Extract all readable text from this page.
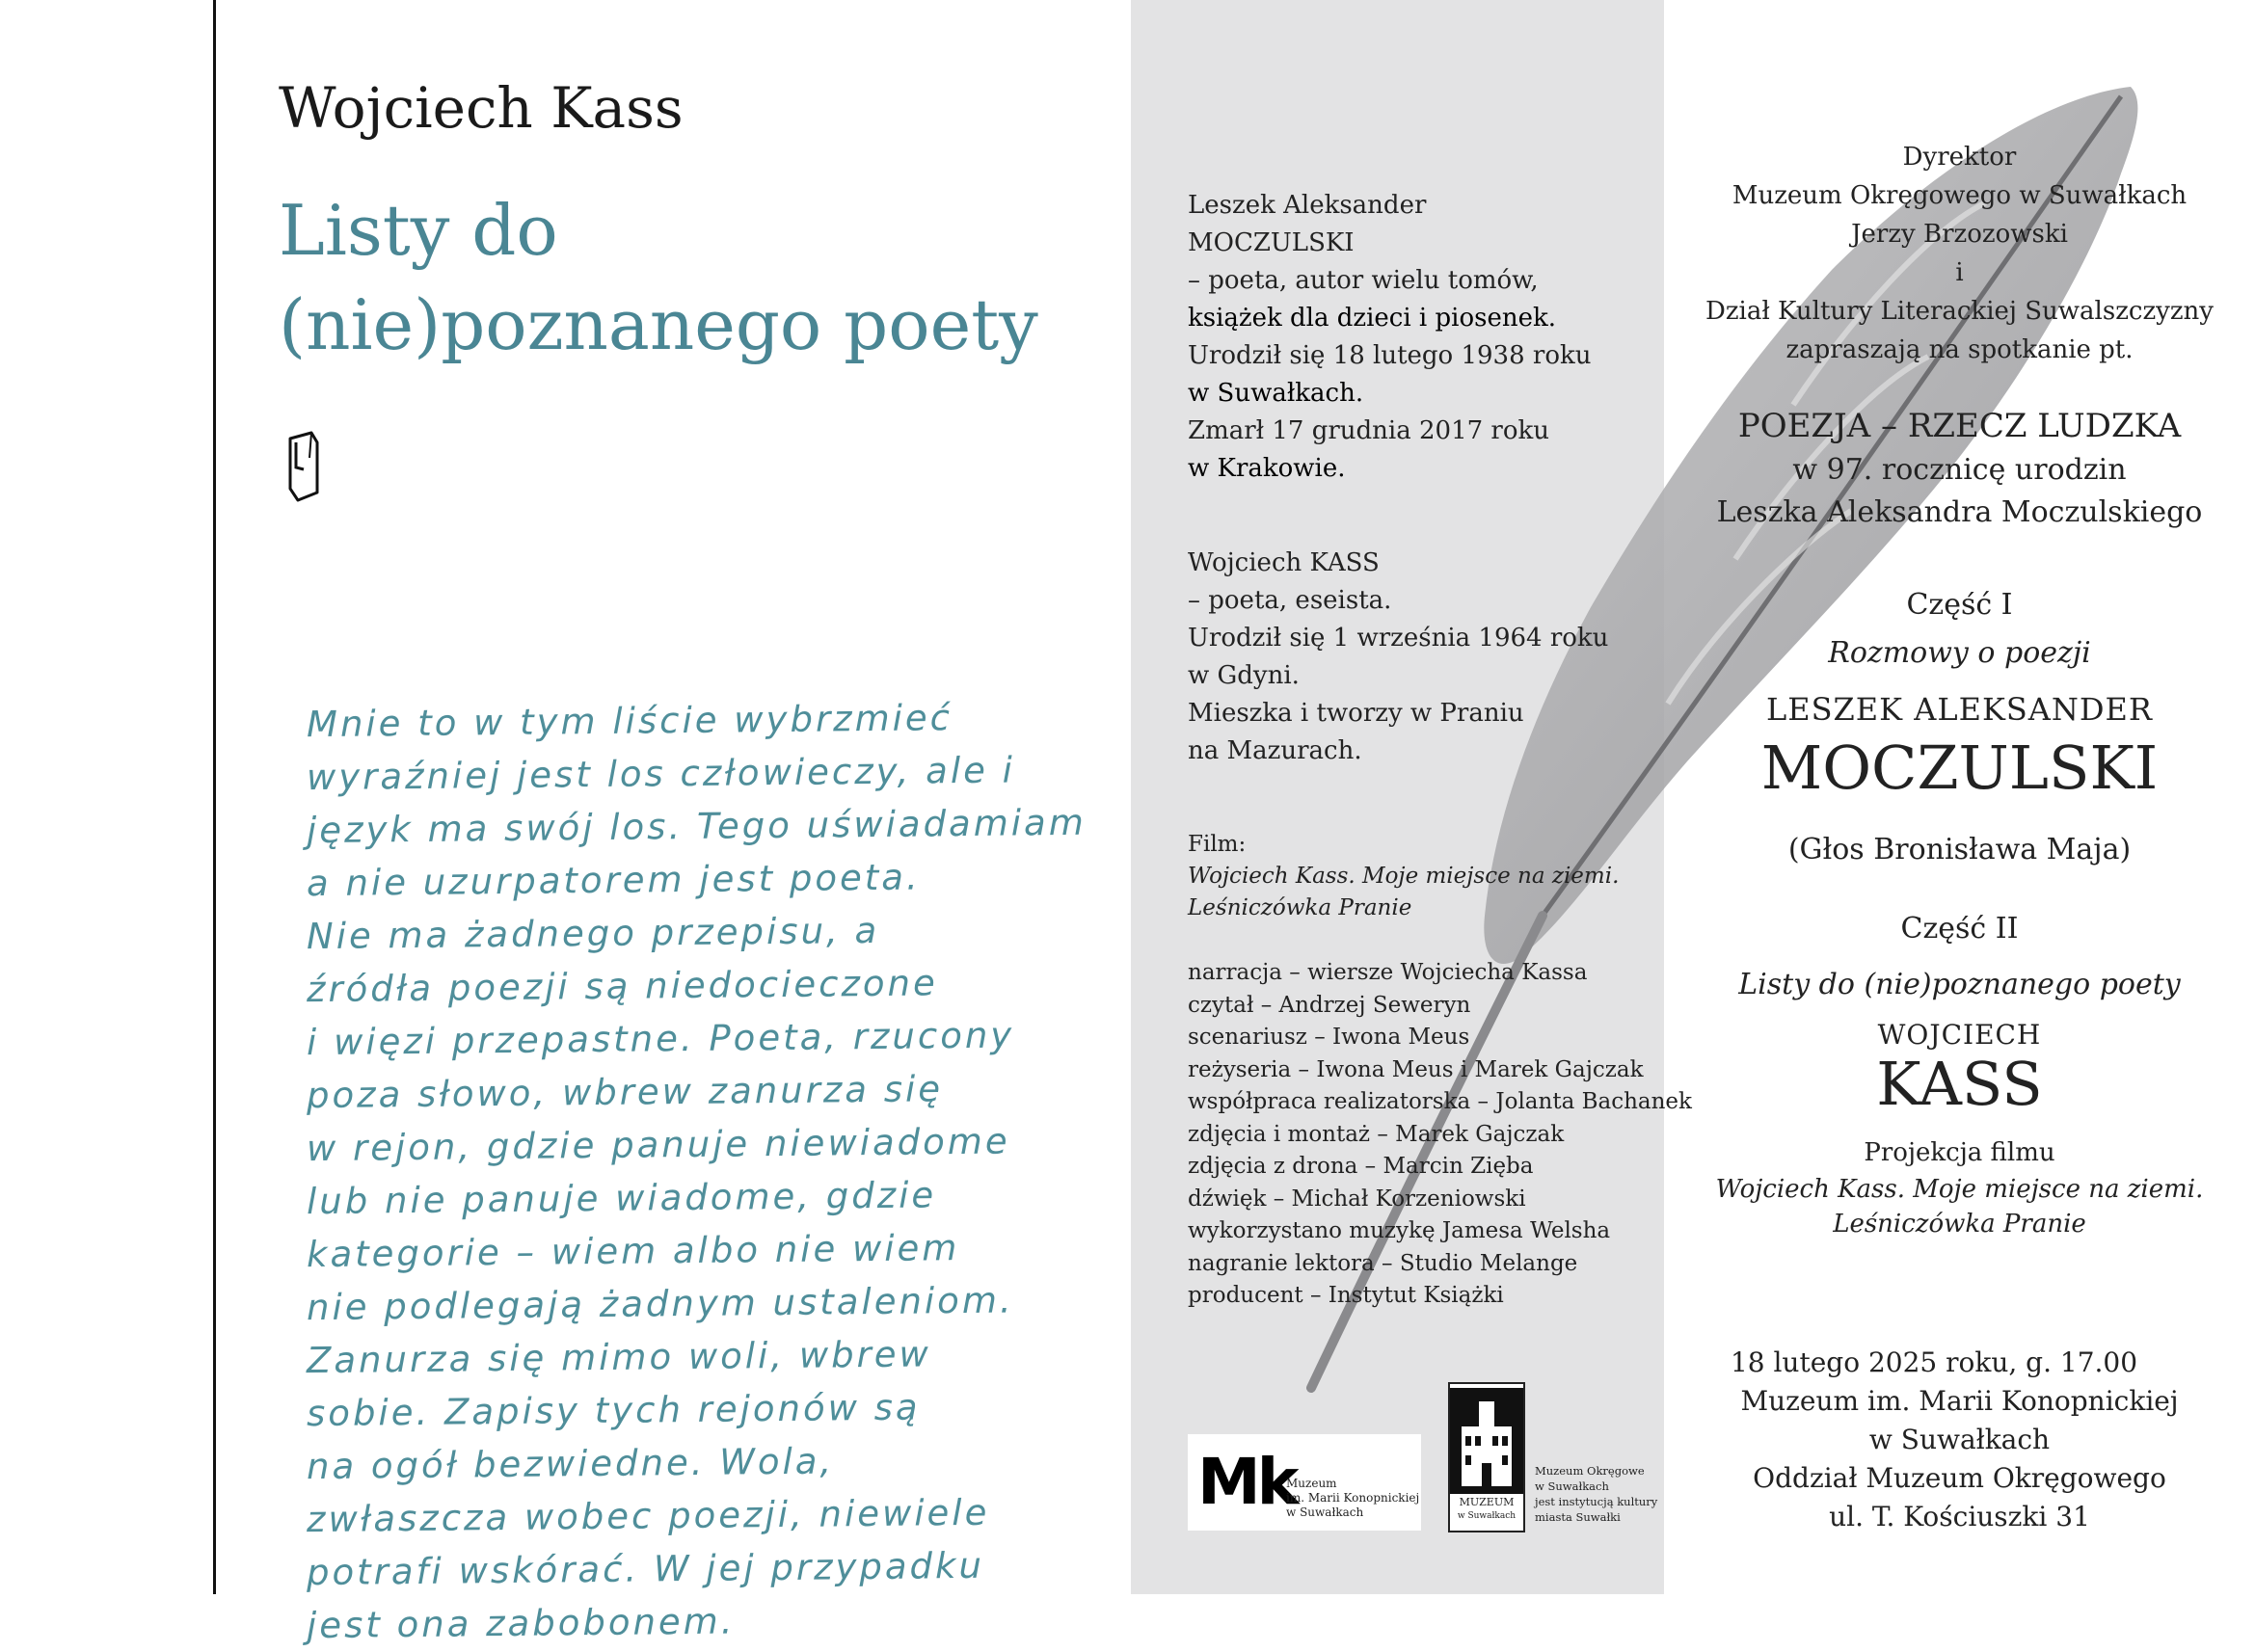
Wojciech Kass
Listy do
(nie)poznanego poety
Mnie to w tym liście wybrzmieć
wyraźniej jest los człowieczy, ale i
język ma swój los. Tego uświadamiam
a nie uzurpatorem jest poeta.
Nie ma żadnego przepisu, a
źródła poezji są niedocieczone
i więzi przepastne. Poeta, rzucony
poza słowo, wbrew zanurza się
w rejon, gdzie panuje niewiadome
lub nie panuje wiadome, gdzie
kategorie – wiem albo nie wiem
nie podlegają żadnym ustaleniom.
Zanurza się mimo woli, wbrew
sobie. Zapisy tych rejonów są
na ogół bezwiedne. Wola,
zwłaszcza wobec poezji, niewiele
potrafi wskórać. W jej przypadku
jest ona zabobonem.
Leszek Aleksander
MOCZULSKI
– poeta, autor wielu tomów,
książek dla dzieci i piosenek.
Urodził się 18 lutego 1938 roku
w Suwałkach.
Zmarł 17 grudnia 2017 roku
w Krakowie.
Wojciech KASS
– poeta, eseista.
Urodził się 1 września 1964 roku
w Gdyni.
Mieszka i tworzy w Praniu
na Mazurach.
Film:
Wojciech Kass. Moje miejsce na ziemi.
Leśniczówka Pranie
narracja – wiersze Wojciecha Kassa
czytał – Andrzej Seweryn
scenariusz – Iwona Meus
reżyseria – Iwona Meus i Marek Gajczak
współpraca realizatorska – Jolanta Bachanek
zdjęcia i montaż – Marek Gajczak
zdjęcia z drona – Marcin Zięba
dźwięk – Michał Korzeniowski
wykorzystano muzykę Jamesa Welsha
nagranie lektora – Studio Melange
producent – Instytut Książki
Mk
Muzeum
im. Marii Konopnickiej
w Suwałkach
MUZEUM
w Suwałkach
Muzeum Okręgowe
w Suwałkach
jest instytucją kultury
miasta Suwałki
Dyrektor
Muzeum Okręgowego w Suwałkach
Jerzy Brzozowski
i
Dział Kultury Literackiej Suwalszczyzny
zapraszają na spotkanie pt.
POEZJA – RZECZ LUDZKA
w 97. rocznicę urodzin
Leszka Aleksandra Moczulskiego
Część I
Rozmowy o poezji
LESZEK ALEKSANDER
MOCZULSKI
(Głos Bronisława Maja)
Część II
Listy do (nie)poznanego poety
WOJCIECH
KASS
Projekcja filmu
Wojciech Kass. Moje miejsce na ziemi.
Leśniczówka Pranie
18 lutego 2025 roku, g. 17.00
Muzeum im. Marii Konopnickiej
w Suwałkach
Oddział Muzeum Okręgowego
ul. T. Kościuszki 31
